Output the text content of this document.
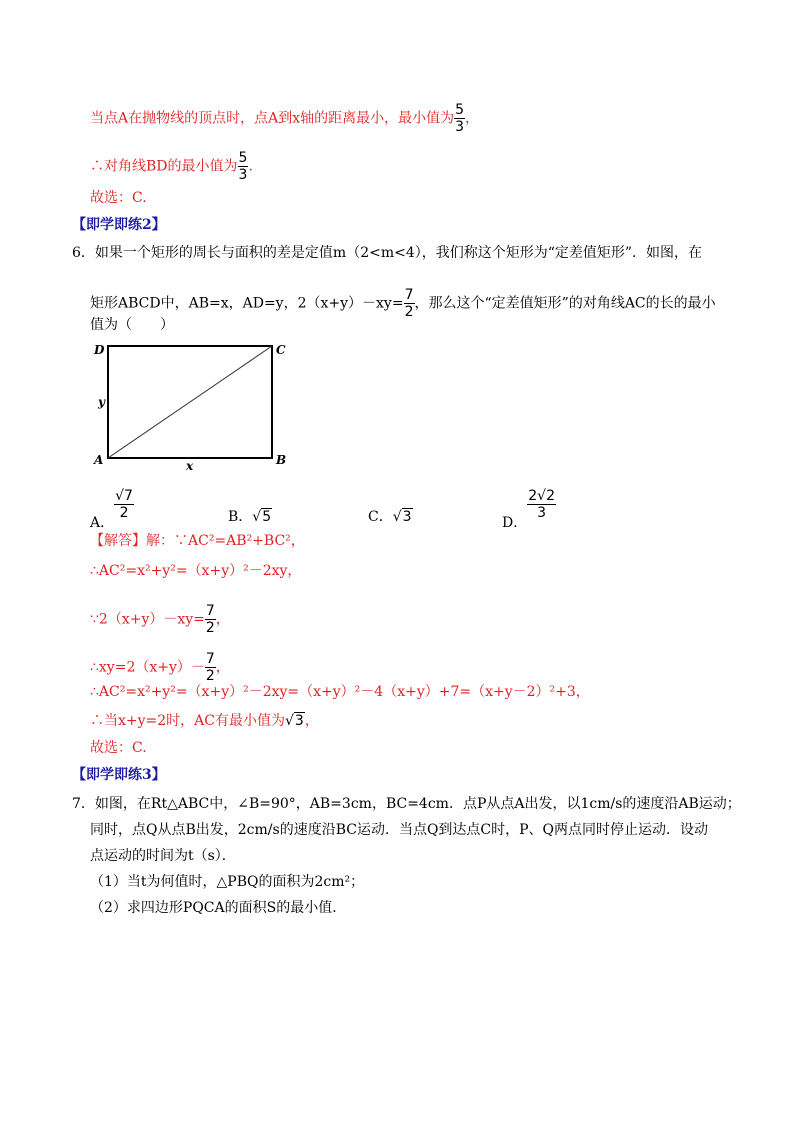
当点A在抛物线的顶点时，点A到x轴的距离最小，最小值为 $\frac{5}{3}$ ，
∴对角线BD的最小值为 $\frac{5}{3}$ .
故选：C.
【即学即练2】
6．如果一个矩形的周长与面积的差是定值m（2<m<4），我们称这个矩形为“定差值矩形”．如图，在
矩形ABCD中，AB=x，AD=y，$2(x+y)-xy= \frac{7}{2}$ ，那么这个“定差值矩形”的对角线AC的长的最小
值为（　　）
D	C
A	B
x
y
A．
$\frac{√7}{2}$	B．√5	C．√3	D．
$\frac{2√2}{3}$
【解答】解：∵AC²=AB²+BC²，
∴AC²=x²+y²=（x+y）²－2xy，
∵2（x+y）－xy= $\frac{7}{2}$ ，
∴xy=2（x+y）－ $\frac{7}{2}$ ，
∴AC²=x²+y²=（x+y）²－2xy=（x+y）²－4（x+y）+7=（x+y－2）²+3，
∴当x+y=2时，AC有最小值为√3，
故选：C.
【即学即练3】
7．如图，在Rt△ABC中，∠B=90°，AB=3cm，BC=4cm．点P从点A出发，以1cm/s的速度沿AB运动；
同时，点Q从点B出发，2cm/s的速度沿BC运动．当点Q到达点C时，P、Q两点同时停止运动．设动
点运动的时间为t（s）．
（1）当t为何值时，△PBQ的面积为2cm²；
（2）求四边形PQCA的面积S的最小值．
